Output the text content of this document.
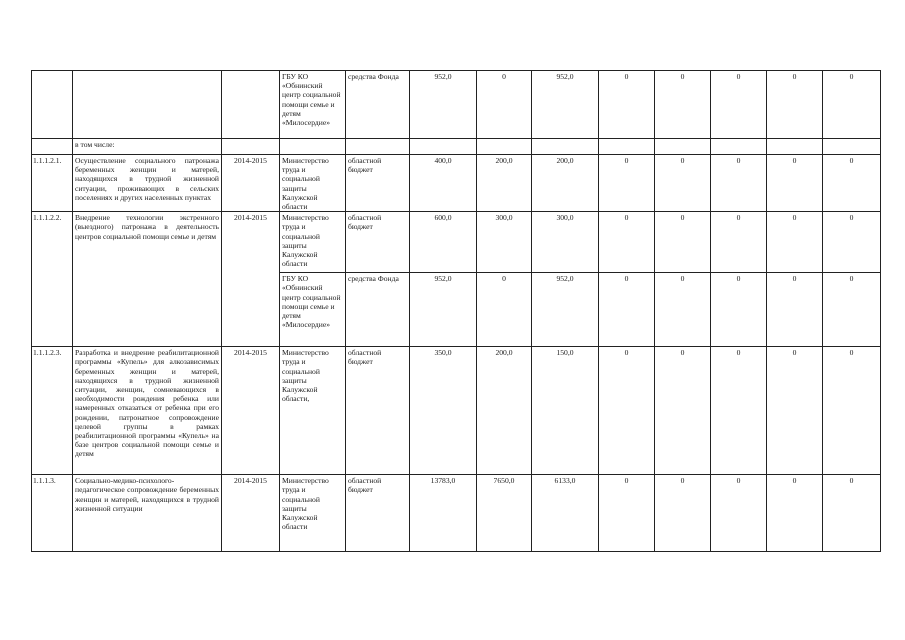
			ГБУ КО «Обнинский центр социальной помощи семье и детям «Милосердие»	средства Фонда	952,0	0	952,0	0	0	0	0	0
	в том числе:											
1.1.1.2.1.	Осуществление социального патронажа беременных женщин и матерей, находящихся в трудной жизненной ситуации, проживающих в сельских поселениях и других населенных пунктах	2014-2015	Министерство труда и социальной защиты Калужской области	областной бюджет	400,0	200,0	200,0	0	0	0	0	0
1.1.1.2.2.	Внедрение технологии экстренного (выездного) патронажа в деятельность центров социальной помощи семье и детям	2014-2015	Министерство труда и социальной защиты Калужской области	областной бюджет	600,0	300,0	300,0	0	0	0	0	0
			ГБУ КО «Обнинский центр социальной помощи семье и детям «Милосердие»	средства Фонда	952,0	0	952,0	0	0	0	0	0
1.1.1.2.3.	Разработка и внедрение реабилитационной программы «Купель» для алкозависимых беременных женщин и матерей, находящихся в трудной жизненной ситуации, женщин, сомневающихся в необходимости рождения ребенка или намеренных отказаться от ребенка при его рождении, патронатное сопровождение целевой группы в рамках реабилитационной программы «Купель» на базе центров социальной помощи семье и детям	2014-2015	Министерство труда и социальной защиты Калужской области,	областной бюджет	350,0	200,0	150,0	0	0	0	0	0
1.1.1.3.	Социально-медико-психолого-педагогическое сопровождение беременных женщин и матерей, находящихся в трудной жизненной ситуации	2014-2015	Министерство труда и социальной защиты Калужской области	областной бюджет	13783,0	7650,0	6133,0	0	0	0	0	0
